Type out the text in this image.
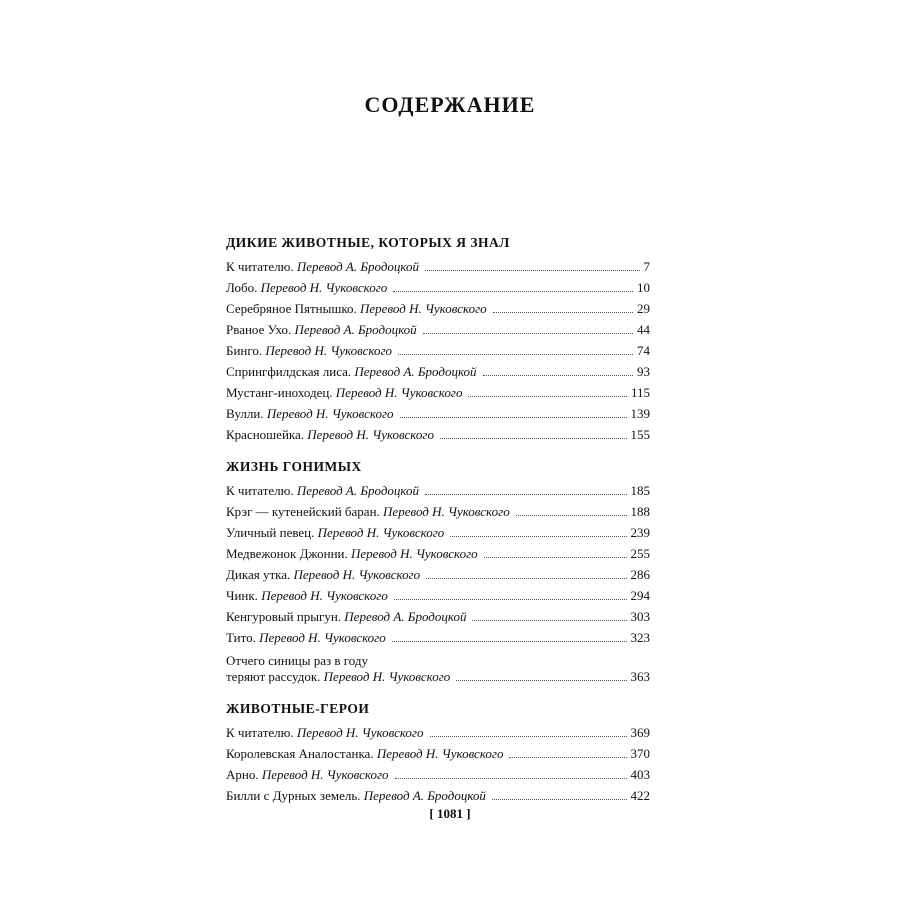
СОДЕРЖАНИЕ
ДИКИЕ ЖИВОТНЫЕ, КОТОРЫХ Я ЗНАЛ
К читателю. Перевод А. Бродоцкой	7
Лобо. Перевод Н. Чуковского	10
Серебряное Пятнышко. Перевод Н. Чуковского	29
Рваное Ухо. Перевод А. Бродоцкой	44
Бинго. Перевод Н. Чуковского	74
Спрингфилдская лиса. Перевод А. Бродоцкой	93
Мустанг-иноходец. Перевод Н. Чуковского	115
Вулли. Перевод Н. Чуковского	139
Красношейка. Перевод Н. Чуковского	155
ЖИЗНЬ ГОНИМЫХ
К читателю. Перевод А. Бродоцкой	185
Крэг — кутенейский баран. Перевод Н. Чуковского	188
Уличный певец. Перевод Н. Чуковского	239
Медвежонок Джонни. Перевод Н. Чуковского	255
Дикая утка. Перевод Н. Чуковского	286
Чинк. Перевод Н. Чуковского	294
Кенгуровый прыгун. Перевод А. Бродоцкой	303
Тито. Перевод Н. Чуковского	323
Отчего синицы раз в году
теряют рассудок. Перевод Н. Чуковского	363
ЖИВОТНЫЕ-ГЕРОИ
К читателю. Перевод Н. Чуковского	369
Королевская Аналостанка. Перевод Н. Чуковского	370
Арно. Перевод Н. Чуковского	403
Билли с Дурных земель. Перевод А. Бродоцкой	422
[ 1081 ]
